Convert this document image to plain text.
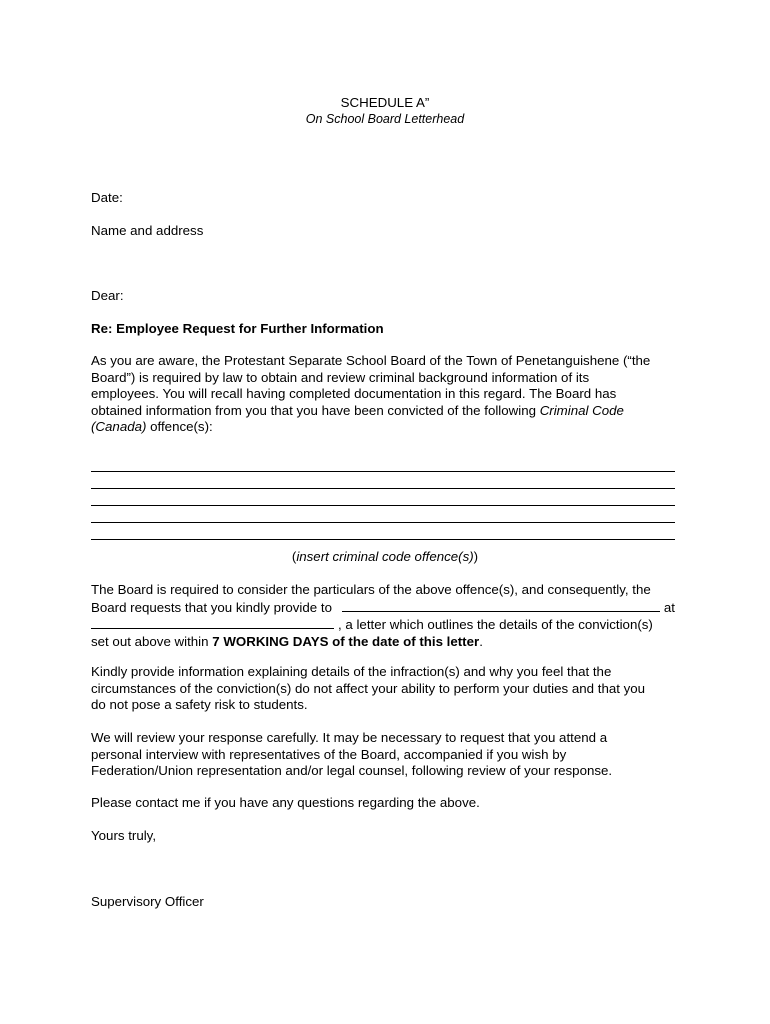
SCHEDULE A”
On School Board Letterhead
Date:
Name and address
Dear:
Re: Employee Request for Further Information
As you are aware, the Protestant Separate School Board of the Town of Penetanguishene (“the
Board”) is required by law to obtain and review criminal background information of its
employees. You will recall having completed documentation in this regard. The Board has
obtained information from you that you have been convicted of the following Criminal Code
(Canada) offence(s):
(insert criminal code offence(s))
The Board is required to consider the particulars of the above offence(s), and consequently, the
Board requests that you kindly provide to	at
, a letter which outlines the details of the conviction(s)
set out above within 7 WORKING DAYS of the date of this letter.
Kindly provide information explaining details of the infraction(s) and why you feel that the
circumstances of the conviction(s) do not affect your ability to perform your duties and that you
do not pose a safety risk to students.
We will review your response carefully. It may be necessary to request that you attend a
personal interview with representatives of the Board, accompanied if you wish by
Federation/Union representation and/or legal counsel, following review of your response.
Please contact me if you have any questions regarding the above.
Yours truly,
Supervisory Officer
